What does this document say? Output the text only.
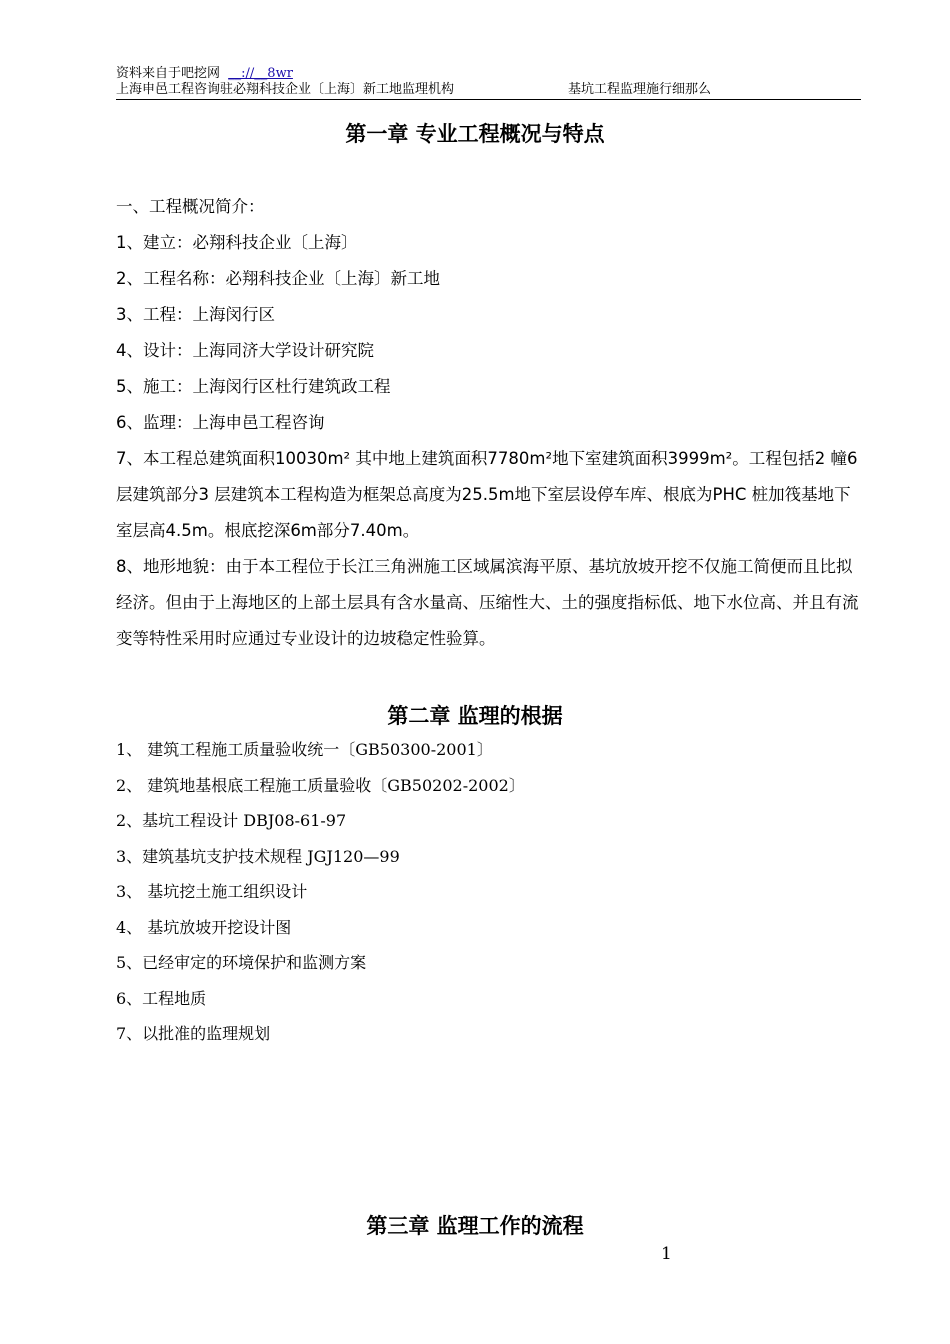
资料来自于吧挖网 __://__8wr
上海申邑工程咨询驻必翔科技企业〔上海〕新工地监理机构	基坑工程监理施行细那么
第一章 专业工程概况与特点
一、工程概况简介：
1、建立：必翔科技企业〔上海〕
2、工程名称：必翔科技企业〔上海〕新工地
3、工程：上海闵行区
4、设计：上海同济大学设计研究院
5、施工：上海闵行区杜行建筑政工程
6、监理：上海申邑工程咨询

7、本工程总建筑面积10030m² 其中地上建筑面积7780m²地下室建筑面积3999m²。工程包括2 幢6 层建筑部分3 层建筑本工程构造为框架总高度为25.5m地下室层设停车库、根底为PHC 桩加筏基地下室层高4.5m。根底挖深6m部分7.40m。

8、地形地貌：由于本工程位于长江三角洲施工区域属滨海平原、基坑放坡开挖不仅施工简便而且比拟经济。但由于上海地区的上部土层具有含水量高、压缩性大、土的强度指标低、地下水位高、并且有流变等特性采用时应通过专业设计的边坡稳定性验算。

第二章 监理的根据
1、 建筑工程施工质量验收统一〔GB50300-2001〕
2、 建筑地基根底工程施工质量验收〔GB50202-2002〕
2、基坑工程设计 DBJ08-61-97
3、建筑基坑支护技术规程 JGJ120—99
3、 基坑挖土施工组织设计
4、 基坑放坡开挖设计图
5、已经审定的环境保护和监测方案
6、工程地质
7、以批准的监理规划
第三章 监理工作的流程
1
